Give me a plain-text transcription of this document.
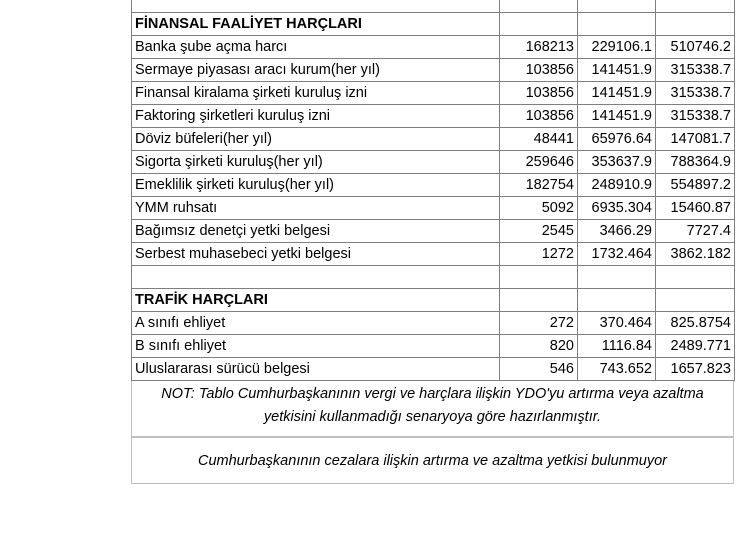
FİNANSAL FAALİYET HARÇLARI			
Banka şube açma harcı	168213	229106.1	510746.2
Sermaye piyasası aracı kurum(her yıl)	103856	141451.9	315338.7
Finansal kiralama şirketi kuruluş izni	103856	141451.9	315338.7
Faktoring şirketleri kuruluş izni	103856	141451.9	315338.7
Döviz büfeleri(her yıl)	48441	65976.64	147081.7
Sigorta şirketi kuruluş(her yıl)	259646	353637.9	788364.9
Emeklilik şirketi kuruluş(her yıl)	182754	248910.9	554897.2
YMM ruhsatı	5092	6935.304	15460.87
Bağımsız denetçi yetki belgesi	2545	3466.29	7727.4
Serbest muhasebeci yetki belgesi	1272	1732.464	3862.182

TRAFİK HARÇLARI			
A sınıfı ehliyet	272	370.464	825.8754
B sınıfı ehliyet	820	1116.84	2489.771
Uluslararası sürücü belgesi	546	743.652	1657.823
NOT: Tablo Cumhurbaşkanının vergi ve harçlara ilişkin YDO'yu artırma veya azaltma
yetkisini kullanmadığı senaryoya göre hazırlanmıştır.
Cumhurbaşkanının cezalara ilişkin artırma ve azaltma yetkisi bulunmuyor
